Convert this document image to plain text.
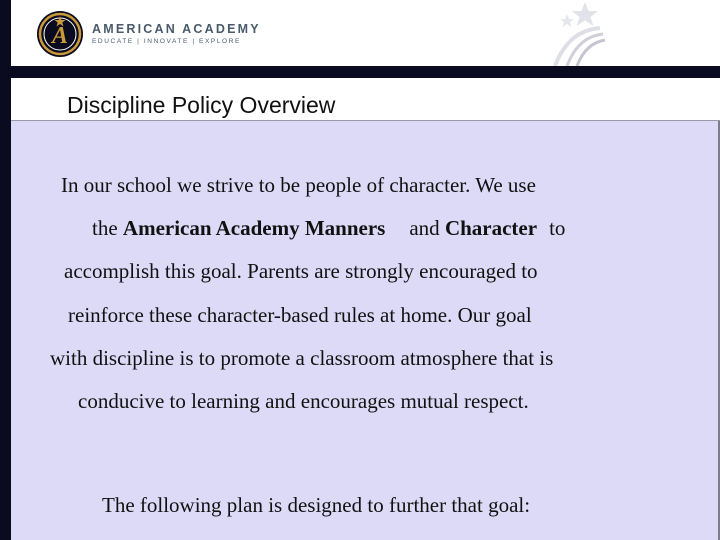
A AMERICAN ACADEMY
EDUCATE | INNOVATE | EXPLORE
Discipline Policy Overview
In our school we strive to be people of character. We use
the American Academy Manners and Character to
accomplish this goal. Parents are strongly encouraged to
reinforce these character-based rules at home. Our goal
with discipline is to promote a classroom atmosphere that is
conducive to learning and encourages mutual respect.
The following plan is designed to further that goal:
